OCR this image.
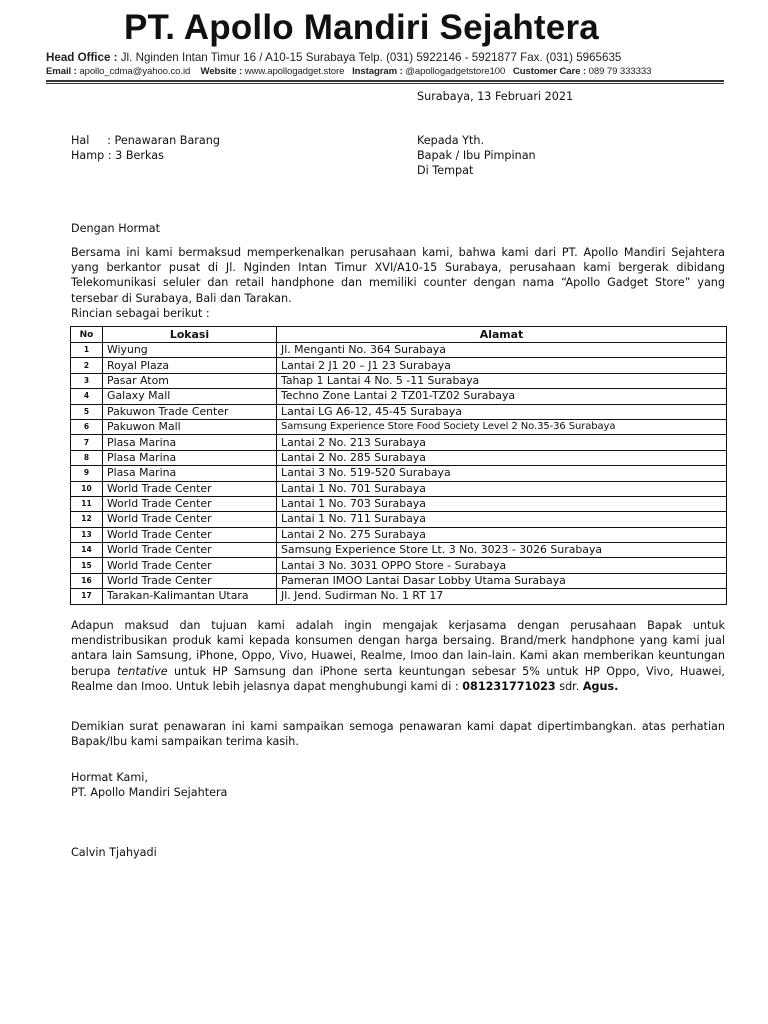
PT. Apollo Mandiri Sejahtera
Head Office : Jl. Nginden Intan Timur 16 / A10-15 Surabaya Telp. (031) 5922146 - 5921877 Fax. (031) 5965635
Email : apollo_cdma@yahoo.co.id Website : www.apollogadget.store Instagram : @apollogadgetstore100 Customer Care : 089 79 333333
Surabaya, 13 Februari 2021
Hal     : Penawaran Barang
Hamp : 3 Berkas
Kepada Yth.
Bapak / Ibu Pimpinan
Di Tempat
Dengan Hormat

Bersama ini kami bermaksud memperkenalkan perusahaan kami, bahwa kami dari PT. Apollo Mandiri Sejahtera yang berkantor pusat di Jl. Nginden Intan Timur XVI/A10-15 Surabaya, perusahaan kami bergerak dibidang Telekomunikasi seluler dan retail handphone dan memiliki counter dengan nama “Apollo Gadget Store” yang tersebar di Surabaya, Bali dan Tarakan.
Rincian sebagai berikut :

No	Lokasi	Alamat
1	Wiyung	Jl. Menganti No. 364 Surabaya
2	Royal Plaza	Lantai 2 J1 20 – J1 23 Surabaya
3	Pasar Atom	Tahap 1 Lantai 4 No. 5 -11 Surabaya
4	Galaxy Mall	Techno Zone Lantai 2 TZ01-TZ02 Surabaya
5	Pakuwon Trade Center	Lantai LG A6-12, 45-45 Surabaya
6	Pakuwon Mall	Samsung Experience Store Food Society Level 2 No.35-36 Surabaya
7	Plasa Marina	Lantai 2 No. 213 Surabaya
8	Plasa Marina	Lantai 2 No. 285 Surabaya
9	Plasa Marina	Lantai 3 No. 519-520 Surabaya
10	World Trade Center	Lantai 1 No. 701 Surabaya
11	World Trade Center	Lantai 1 No. 703 Surabaya
12	World Trade Center	Lantai 1 No. 711 Surabaya
13	World Trade Center	Lantai 2 No. 275 Surabaya
14	World Trade Center	Samsung Experience Store Lt. 3 No. 3023 - 3026 Surabaya
15	World Trade Center	Lantai 3 No. 3031 OPPO Store - Surabaya
16	World Trade Center	Pameran IMOO Lantai Dasar Lobby Utama Surabaya
17	Tarakan-Kalimantan Utara	Jl. Jend. Sudirman No. 1 RT 17

Adapun maksud dan tujuan kami adalah ingin mengajak kerjasama dengan perusahaan Bapak untuk mendistribusikan produk kami kepada konsumen dengan harga bersaing. Brand/merk handphone yang kami jual antara lain Samsung, iPhone, Oppo, Vivo, Huawei, Realme, Imoo dan lain-lain. Kami akan memberikan keuntungan berupa tentative untuk HP Samsung dan iPhone serta keuntungan sebesar 5% untuk HP Oppo, Vivo, Huawei, Realme dan Imoo. Untuk lebih jelasnya dapat menghubungi kami di : 081231771023 sdr. Agus.

Demikian surat penawaran ini kami sampaikan semoga penawaran kami dapat dipertimbangkan. atas perhatian Bapak/Ibu kami sampaikan terima kasih.

Hormat Kami,
PT. Apollo Mandiri Sejahtera
Calvin Tjahyadi
